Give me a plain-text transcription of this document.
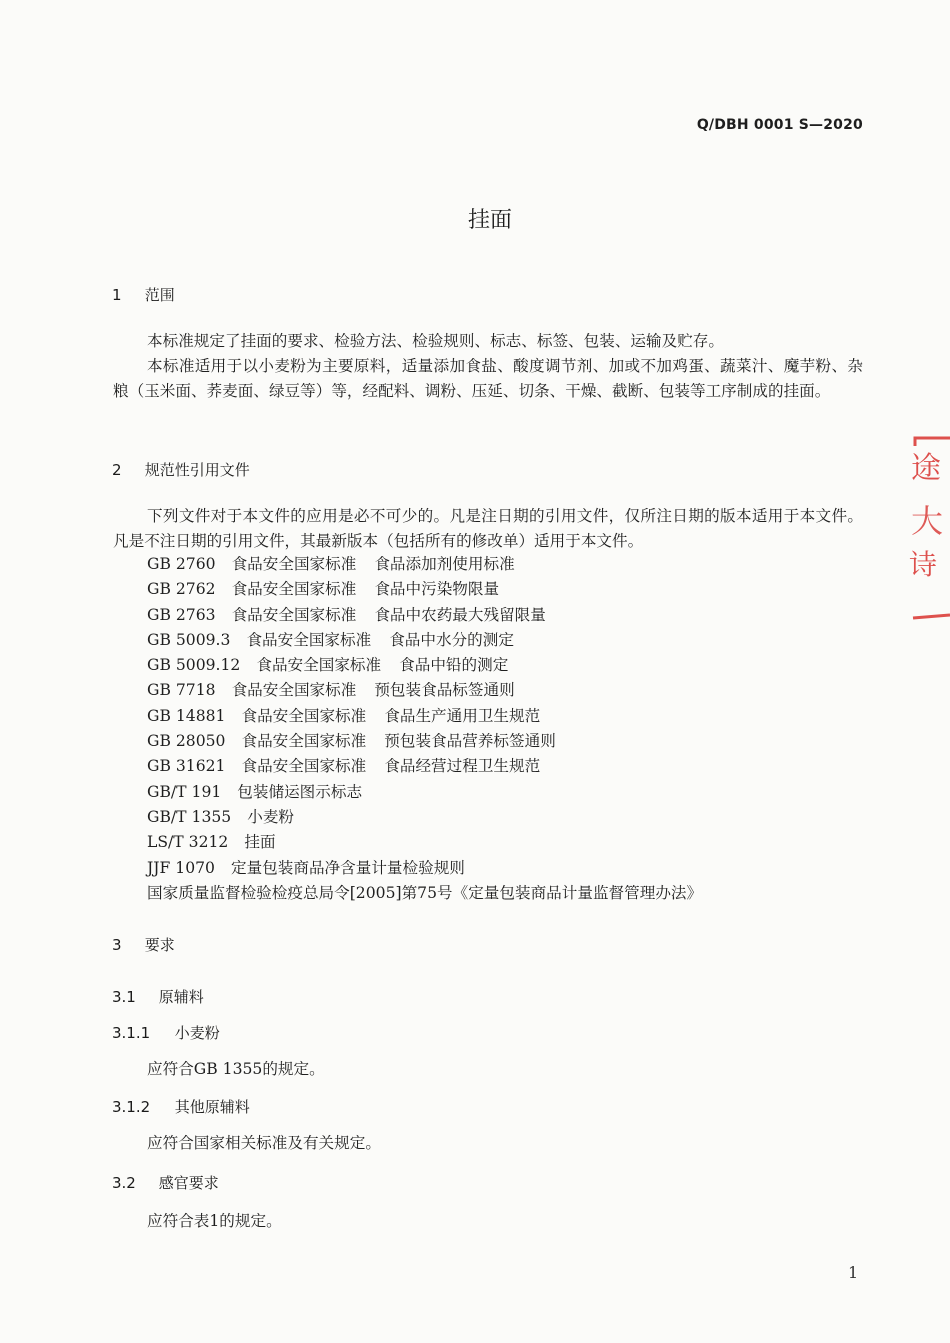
Q/DBH 0001 S—2020
挂面
1 范围

本标准规定了挂面的要求、检验方法、检验规则、标志、标签、包装、运输及贮存。

本标准适用于以小麦粉为主要原料，适量添加食盐、酸度调节剂、加或不加鸡蛋、蔬菜汁、魔芋粉、杂粮（玉米面、荞麦面、绿豆等）等，经配料、调粉、压延、切条、干燥、截断、包装等工序制成的挂面。

2 规范性引用文件

下列文件对于本文件的应用是必不可少的。凡是注日期的引用文件，仅所注日期的版本适用于本文件。凡是不注日期的引用文件，其最新版本（包括所有的修改单）适用于本文件。

GB 2760 食品安全国家标准 食品添加剂使用标准
GB 2762 食品安全国家标准 食品中污染物限量
GB 2763 食品安全国家标准 食品中农药最大残留限量
GB 5009.3 食品安全国家标准 食品中水分的测定
GB 5009.12 食品安全国家标准 食品中铅的测定
GB 7718 食品安全国家标准 预包装食品标签通则
GB 14881 食品安全国家标准 食品生产通用卫生规范
GB 28050 食品安全国家标准 预包装食品营养标签通则
GB 31621 食品安全国家标准 食品经营过程卫生规范
GB/T 191 包装储运图示标志
GB/T 1355 小麦粉
LS/T 3212 挂面
JJF 1070 定量包装商品净含量计量检验规则
国家质量监督检验检疫总局令[2005]第75号《定量包装商品计量监督管理办法》
3 要求
3.1 原辅料
3.1.1 小麦粉
应符合GB 1355的规定。
3.1.2 其他原辅料
应符合国家相关标准及有关规定。
3.2 感官要求
应符合表1的规定。
1
途
大
诗
